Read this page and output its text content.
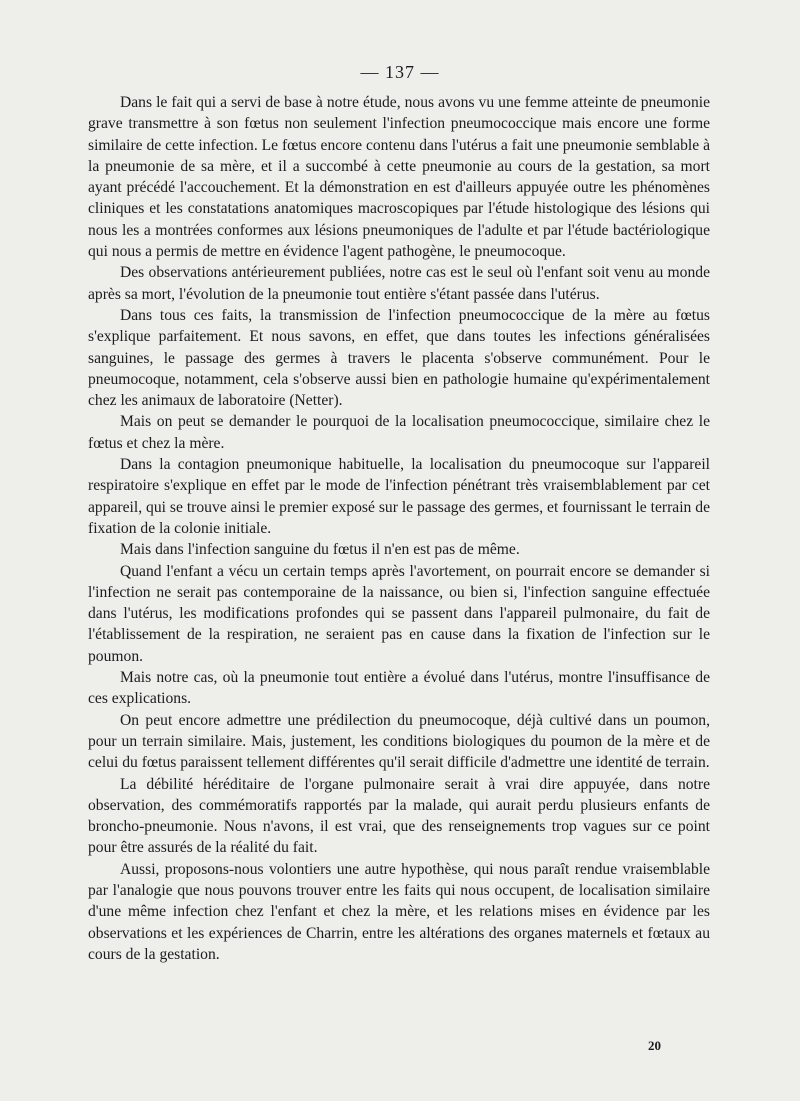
— 137 —

Dans le fait qui a servi de base à notre étude, nous avons vu une femme atteinte de pneumonie grave transmettre à son fœtus non seulement l'infection pneumococcique mais encore une forme similaire de cette infection. Le fœtus encore contenu dans l'utérus a fait une pneumonie semblable à la pneumonie de sa mère, et il a succombé à cette pneumonie au cours de la gestation, sa mort ayant précédé l'accouchement. Et la démonstration en est d'ailleurs appuyée outre les phénomènes cliniques et les constatations anatomiques macroscopiques par l'étude histologique des lésions qui nous les a montrées conformes aux lésions pneumoniques de l'adulte et par l'étude bactériologique qui nous a permis de mettre en évidence l'agent pathogène, le pneumocoque.

Des observations antérieurement publiées, notre cas est le seul où l'enfant soit venu au monde après sa mort, l'évolution de la pneumonie tout entière s'étant passée dans l'utérus.

Dans tous ces faits, la transmission de l'infection pneumococcique de la mère au fœtus s'explique parfaitement. Et nous savons, en effet, que dans toutes les infections généralisées sanguines, le passage des germes à travers le placenta s'observe communément. Pour le pneumocoque, notamment, cela s'observe aussi bien en pathologie humaine qu'expérimentalement chez les animaux de laboratoire (Netter).

Mais on peut se demander le pourquoi de la localisation pneumococcique, similaire chez le fœtus et chez la mère.

Dans la contagion pneumonique habituelle, la localisation du pneumocoque sur l'appareil respiratoire s'explique en effet par le mode de l'infection pénétrant très vraisemblablement par cet appareil, qui se trouve ainsi le premier exposé sur le passage des germes, et fournissant le terrain de fixation de la colonie initiale.

Mais dans l'infection sanguine du fœtus il n'en est pas de même.

Quand l'enfant a vécu un certain temps après l'avortement, on pourrait encore se demander si l'infection ne serait pas contemporaine de la naissance, ou bien si, l'infection sanguine effectuée dans l'utérus, les modifications profondes qui se passent dans l'appareil pulmonaire, du fait de l'établissement de la respiration, ne seraient pas en cause dans la fixation de l'infection sur le poumon.

Mais notre cas, où la pneumonie tout entière a évolué dans l'utérus, montre l'insuffisance de ces explications.

On peut encore admettre une prédilection du pneumocoque, déjà cultivé dans un poumon, pour un terrain similaire. Mais, justement, les conditions biologiques du poumon de la mère et de celui du fœtus paraissent tellement différentes qu'il serait difficile d'admettre une identité de terrain.

La débilité héréditaire de l'organe pulmonaire serait à vrai dire appuyée, dans notre observation, des commémoratifs rapportés par la malade, qui aurait perdu plusieurs enfants de broncho-pneumonie. Nous n'avons, il est vrai, que des renseignements trop vagues sur ce point pour être assurés de la réalité du fait.

Aussi, proposons-nous volontiers une autre hypothèse, qui nous paraît rendue vraisemblable par l'analogie que nous pouvons trouver entre les faits qui nous occupent, de localisation similaire d'une même infection chez l'enfant et chez la mère, et les relations mises en évidence par les observations et les expériences de Charrin, entre les altérations des organes maternels et fœtaux au cours de la gestation.

20
